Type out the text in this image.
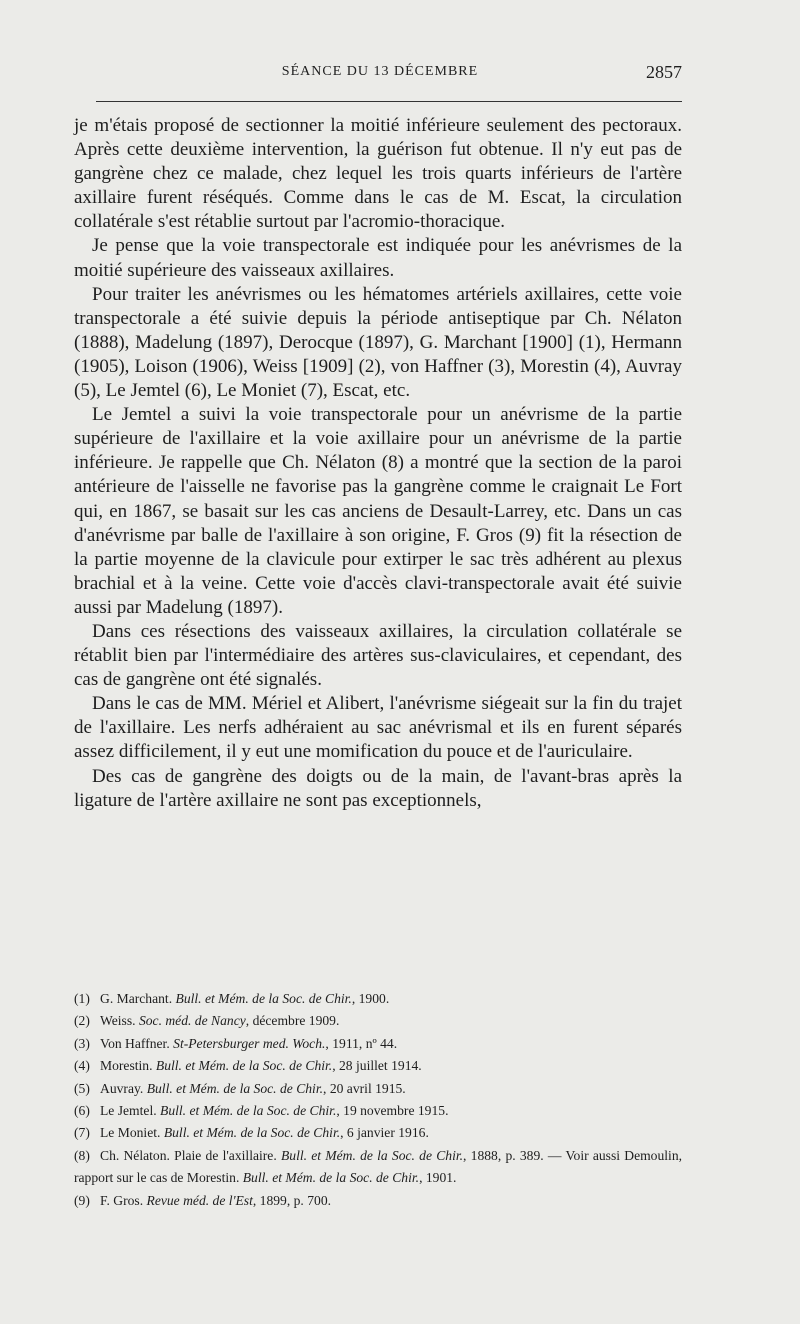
SÉANCE DU 13 DÉCEMBRE	2857

je m'étais proposé de sectionner la moitié inférieure seulement des pectoraux. Après cette deuxième intervention, la guérison fut obtenue. Il n'y eut pas de gangrène chez ce malade, chez lequel les trois quarts inférieurs de l'artère axillaire furent réséqués. Comme dans le cas de M. Escat, la circulation collatérale s'est rétablie surtout par l'acromio-thoracique.

Je pense que la voie transpectorale est indiquée pour les anévrismes de la moitié supérieure des vaisseaux axillaires.

Pour traiter les anévrismes ou les hématomes artériels axillaires, cette voie transpectorale a été suivie depuis la période antiseptique par Ch. Nélaton (1888), Madelung (1897), Derocque (1897), G. Marchant [1900] (1), Hermann (1905), Loison (1906), Weiss [1909] (2), von Haffner (3), Morestin (4), Auvray (5), Le Jemtel (6), Le Moniet (7), Escat, etc.

Le Jemtel a suivi la voie transpectorale pour un anévrisme de la partie supérieure de l'axillaire et la voie axillaire pour un anévrisme de la partie inférieure. Je rappelle que Ch. Nélaton (8) a montré que la section de la paroi antérieure de l'aisselle ne favorise pas la gangrène comme le craignait Le Fort qui, en 1867, se basait sur les cas anciens de Desault-Larrey, etc. Dans un cas d'anévrisme par balle de l'axillaire à son origine, F. Gros (9) fit la résection de la partie moyenne de la clavicule pour extirper le sac très adhérent au plexus brachial et à la veine. Cette voie d'accès clavi-transpectorale avait été suivie aussi par Madelung (1897).

Dans ces résections des vaisseaux axillaires, la circulation collatérale se rétablit bien par l'intermédiaire des artères sus-claviculaires, et cependant, des cas de gangrène ont été signalés.

Dans le cas de MM. Mériel et Alibert, l'anévrisme siégeait sur la fin du trajet de l'axillaire. Les nerfs adhéraient au sac anévrismal et ils en furent séparés assez difficilement, il y eut une momification du pouce et de l'auriculaire.

Des cas de gangrène des doigts ou de la main, de l'avant-bras après la ligature de l'artère axillaire ne sont pas exceptionnels,

(1) G. Marchant. Bull. et Mém. de la Soc. de Chir., 1900.

(2) Weiss. Soc. méd. de Nancy, décembre 1909.

(3) Von Haffner. St-Petersburger med. Woch., 1911, nº 44.

(4) Morestin. Bull. et Mém. de la Soc. de Chir., 28 juillet 1914.

(5) Auvray. Bull. et Mém. de la Soc. de Chir., 20 avril 1915.

(6) Le Jemtel. Bull. et Mém. de la Soc. de Chir., 19 novembre 1915.

(7) Le Moniet. Bull. et Mém. de la Soc. de Chir., 6 janvier 1916.

(8) Ch. Nélaton. Plaie de l'axillaire. Bull. et Mém. de la Soc. de Chir., 1888, p. 389. — Voir aussi Demoulin, rapport sur le cas de Morestin. Bull. et Mém. de la Soc. de Chir., 1901.

(9) F. Gros. Revue méd. de l'Est, 1899, p. 700.
